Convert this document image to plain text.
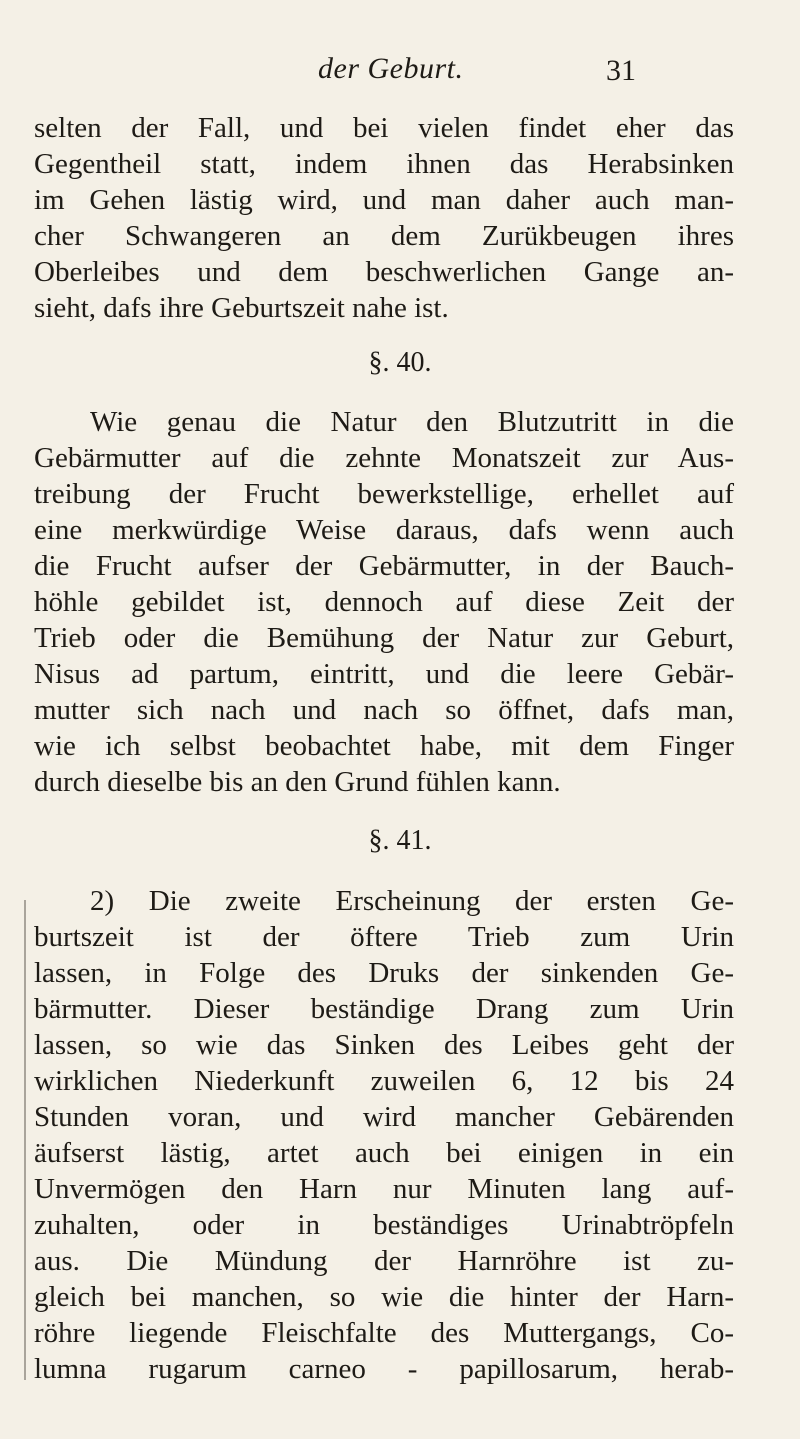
der Geburt.	31
selten der Fall, und bei vielen findet eher das
Gegentheil statt, indem ihnen das Herabsinken
im Gehen lästig wird, und man daher auch man-
cher Schwangeren an dem Zurükbeugen ihres
Oberleibes und dem beschwerlichen Gange an-
sieht, dafs ihre Geburtszeit nahe ist.
§. 40.
Wie genau die Natur den Blutzutritt in die
Gebärmutter auf die zehnte Monatszeit zur Aus-
treibung der Frucht bewerkstellige, erhellet auf
eine merkwürdige Weise daraus, dafs wenn auch
die Frucht aufser der Gebärmutter, in der Bauch-
höhle gebildet ist, dennoch auf diese Zeit der
Trieb oder die Bemühung der Natur zur Geburt,
Nisus ad partum, eintritt, und die leere Gebär-
mutter sich nach und nach so öffnet, dafs man,
wie ich selbst beobachtet habe, mit dem Finger
durch dieselbe bis an den Grund fühlen kann.
§. 41.
2) Die zweite Erscheinung der ersten Ge-
burtszeit ist der öftere Trieb zum Urin
lassen, in Folge des Druks der sinkenden Ge-
bärmutter. Dieser beständige Drang zum Urin
lassen, so wie das Sinken des Leibes geht der
wirklichen Niederkunft zuweilen 6, 12 bis 24
Stunden voran, und wird mancher Gebärenden
äufserst lästig, artet auch bei einigen in ein
Unvermögen den Harn nur Minuten lang auf-
zuhalten, oder in beständiges Urinabtröpfeln
aus. Die Mündung der Harnröhre ist zu-
gleich bei manchen, so wie die hinter der Harn-
röhre liegende Fleischfalte des Muttergangs, Co-
lumna rugarum carneo - papillosarum, herab-
